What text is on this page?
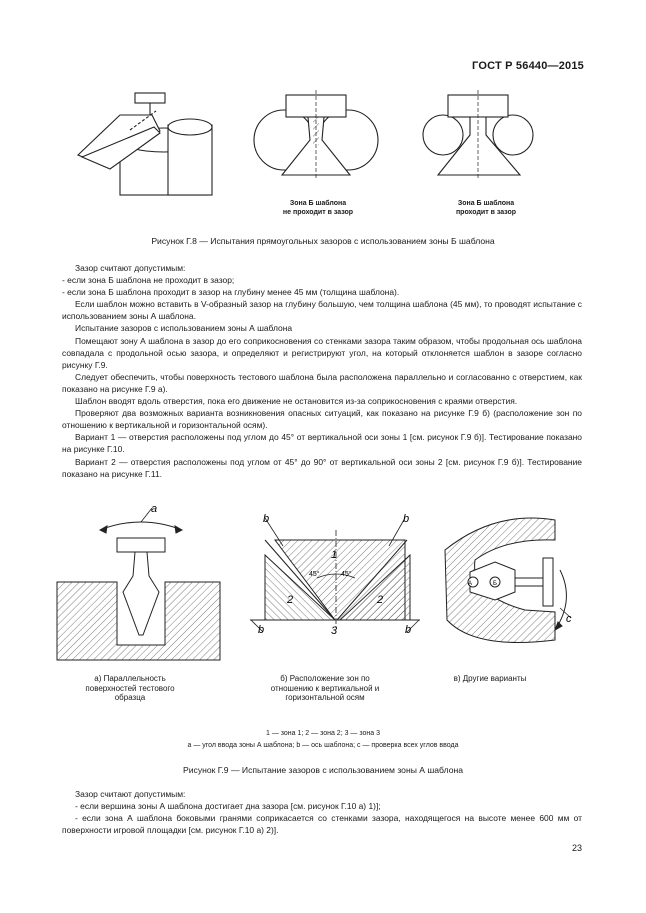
ГОСТ Р 56440—2015
Зона Б шаблона
не проходит в зазор
Зона Б шаблона
проходит в зазор
Рисунок Г.8 — Испытания прямоугольных зазоров с использованием зоны Б шаблона

Зазор считают допустимым:

- если зона Б шаблона не проходит в зазор;

- если зона Б шаблона проходит в зазор на глубину менее 45 мм (толщина шаблона).

Если шаблон можно вставить в V-образный зазор на глубину большую, чем толщина шаблона (45 мм), то проводят испытание с использованием зоны А шаблона.

Испытание зазоров с использованием зоны А шаблона

Помещают зону А шаблона в зазор до его соприкосновения со стенками зазора таким образом, чтобы продольная ось шаблона совпадала с продольной осью зазора, и определяют и регистрируют угол, на который отклоняется шаблон в зазоре согласно рисунку Г.9.

Следует обеспечить, чтобы поверхность тестового шаблона была расположена параллельно и согласованно с отверстием, как показано на рисунке Г.9 а).

Шаблон вводят вдоль отверстия, пока его движение не остановится из-за соприкосновения с краями отверстия.

Проверяют два возможных варианта возникновения опасных ситуаций, как показано на рисунке Г.9 б) (расположение зон по отношению к вертикальной и горизонтальной осям).

Вариант 1 — отверстия расположены под углом до 45° от вертикальной оси зоны 1 [см. рисунок Г.9 б)]. Тестирование показано на рисунке Г.10.

Вариант 2 — отверстия расположены под углом от 45° до 90° от вертикальной оси зоны 2 [см. рисунок Г.9 б)]. Тестирование показано на рисунке Г.11.

a
b	b
b	b
1
2	2
3
45°	45°
A	Б
c
а) Параллельность поверхностей тестового образца
б) Расположение зон по отношению к вертикальной и горизонтальной осям
в) Другие варианты
1 — зона 1; 2 — зона 2; 3 — зона 3
a — угол ввода зоны А шаблона; b — ось шаблона; c — проверка всех углов ввода
Рисунок Г.9 — Испытание зазоров с использованием зоны А шаблона

Зазор считают допустимым:

- если вершина зоны А шаблона достигает дна зазора [см. рисунок Г.10 а) 1)];

- если зона А шаблона боковыми гранями соприкасается со стенками зазора, находящегося на высоте менее 600 мм от поверхности игровой площадки [см. рисунок Г.10 а) 2)].

23
